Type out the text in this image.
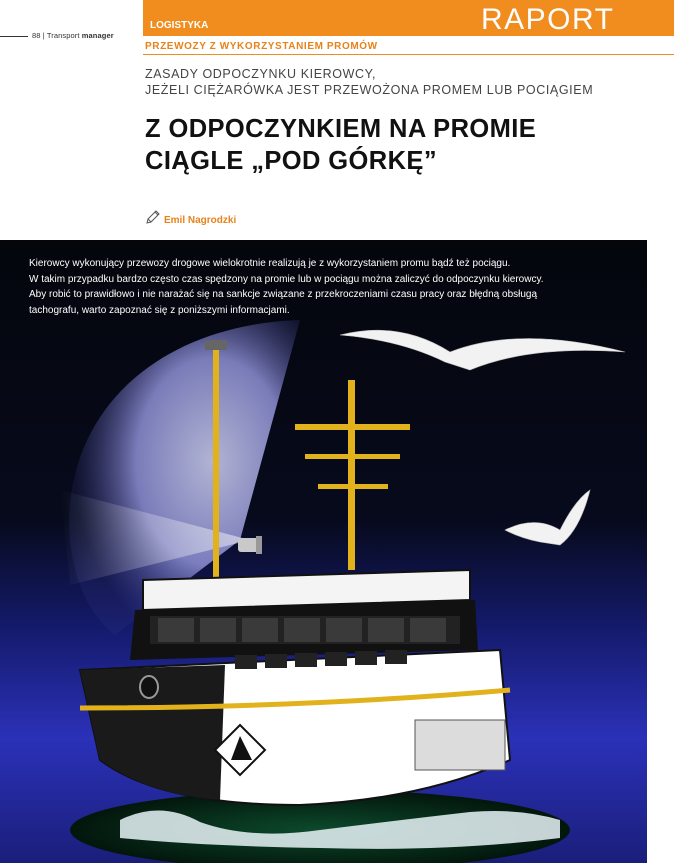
88 | Transport manager
LOGISTYKA	RAPORT
PRZEWOZY Z WYKORZYSTANIEM PROMÓW
ZASADY ODPOCZYNKU KIEROWCY,
JEŻELI CIĘŻARÓWKA JEST PRZEWOŻONA PROMEM LUB POCIĄGIEM
Z ODPOCZYNKIEM NA PROMIE
CIĄGLE „POD GÓRKĘ”
Emil Nagrodzki

Kierowcy wykonujący przewozy drogowe wielokrotnie realizują je z wykorzystaniem promu bądź też pociągu.

W takim przypadku bardzo często czas spędzony na promie lub w pociągu można zaliczyć do odpoczynku kierowcy.

Aby robić to prawidłowo i nie narażać się na sankcje związane z przekroczeniami czasu pracy oraz błędną obsługą

tachografu, warto zapoznać się z poniższymi informacjami.
